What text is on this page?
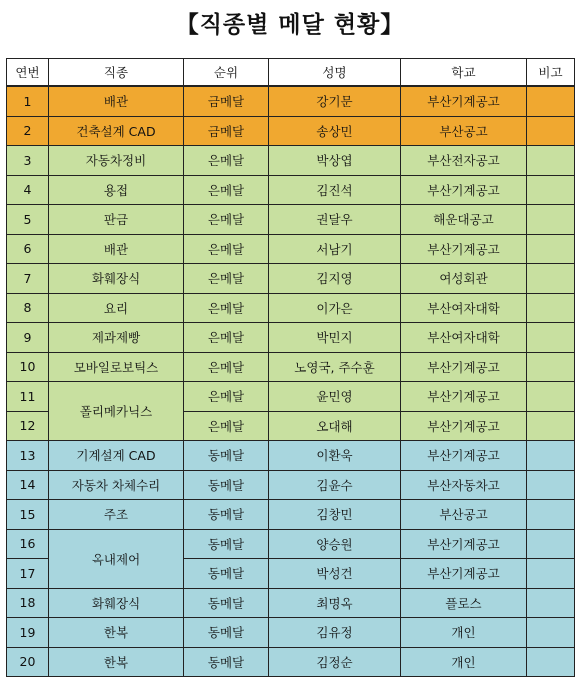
【직종별 메달 현황】
연번	직종	순위	성명	학교	비고
1	배관	금메달	강기문	부산기계공고	
2	건축설계 CAD	금메달	송상민	부산공고	
3	자동차정비	은메달	박상엽	부산전자공고	
4	용접	은메달	김진석	부산기계공고	
5	판금	은메달	권달우	해운대공고	
6	배관	은메달	서남기	부산기계공고	
7	화훼장식	은메달	김지영	여성회관	
8	요리	은메달	이가은	부산여자대학	
9	제과제빵	은메달	박민지	부산여자대학	
10	모바일로보틱스	은메달	노영국, 주수훈	부산기계공고	
11	폴리메카닉스	은메달	윤민영	부산기계공고	
12		은메달	오대해	부산기계공고	
13	기계설계 CAD	동메달	이환욱	부산기계공고	
14	자동차 차체수리	동메달	김윤수	부산자동차고	
15	주조	동메달	김창민	부산공고	
16	옥내제어	동메달	양승원	부산기계공고	
17		동메달	박성건	부산기계공고	
18	화훼장식	동메달	최명옥	플로스	
19	한복	동메달	김유정	개인	
20	한복	동메달	김정순	개인	
